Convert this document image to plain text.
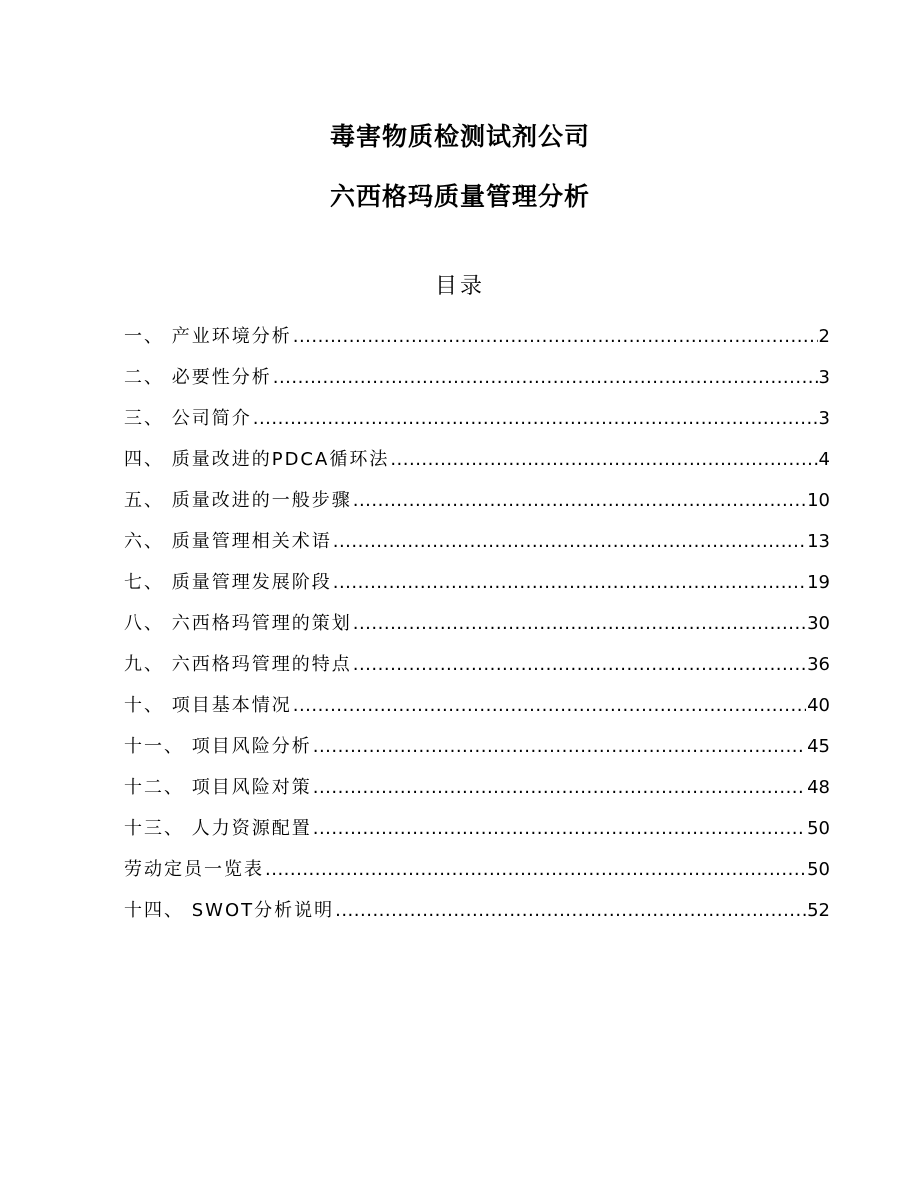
毒害物质检测试剂公司
六西格玛质量管理分析
目录
一、 产业环境分析 .....	2
二、 必要性分析 .....	3
三、 公司简介 .....	3
四、 质量改进的PDCA循环法 .....	4
五、 质量改进的一般步骤 .....	10
六、 质量管理相关术语 .....	13
七、 质量管理发展阶段 .....	19
八、 六西格玛管理的策划 .....	30
九、 六西格玛管理的特点 .....	36
十、 项目基本情况 .....	40
十一、 项目风险分析 .....	45
十二、 项目风险对策 .....	48
十三、 人力资源配置 .....	50
劳动定员一览表 .....	50
十四、 SWOT分析说明 .....	52
